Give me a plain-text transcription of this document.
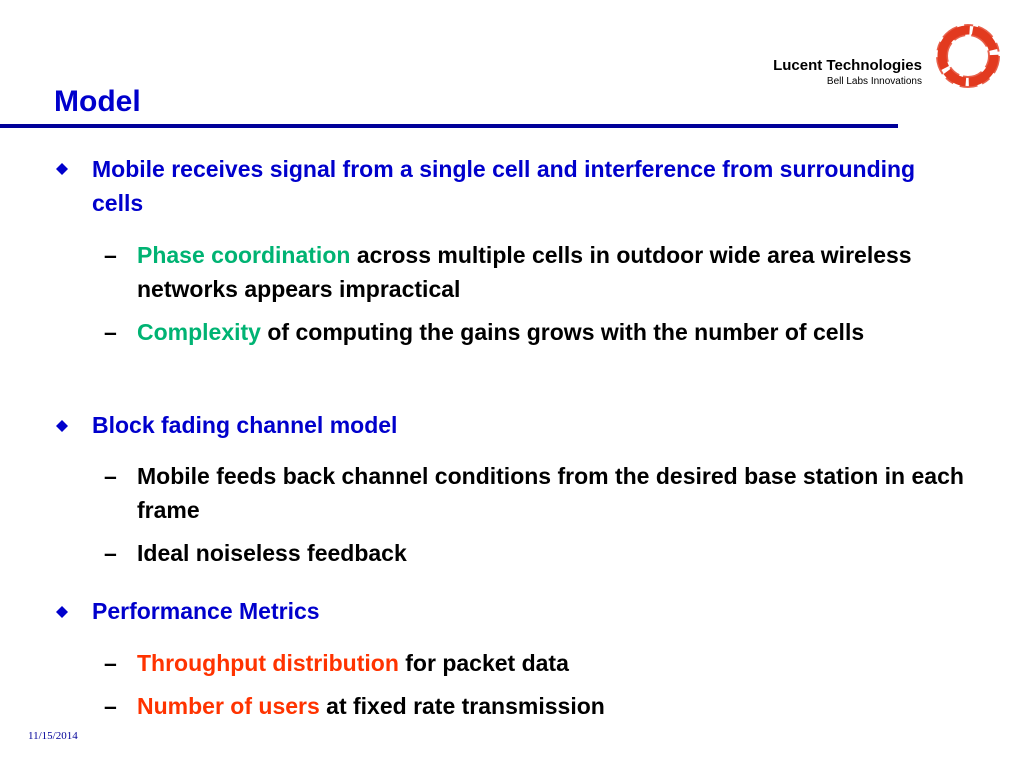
Model
Lucent Technologies
Bell Labs Innovations
Mobile receives signal from a single cell and interference from surrounding cells
– Phase coordination across multiple cells in outdoor wide area wireless networks appears impractical
– Complexity of computing the gains grows with the number of cells
Block fading channel model
– Mobile feeds back channel conditions from the desired base station in each frame
– Ideal noiseless feedback
Performance Metrics
– Throughput distribution for packet data
– Number of users at fixed rate transmission
11/15/2014
